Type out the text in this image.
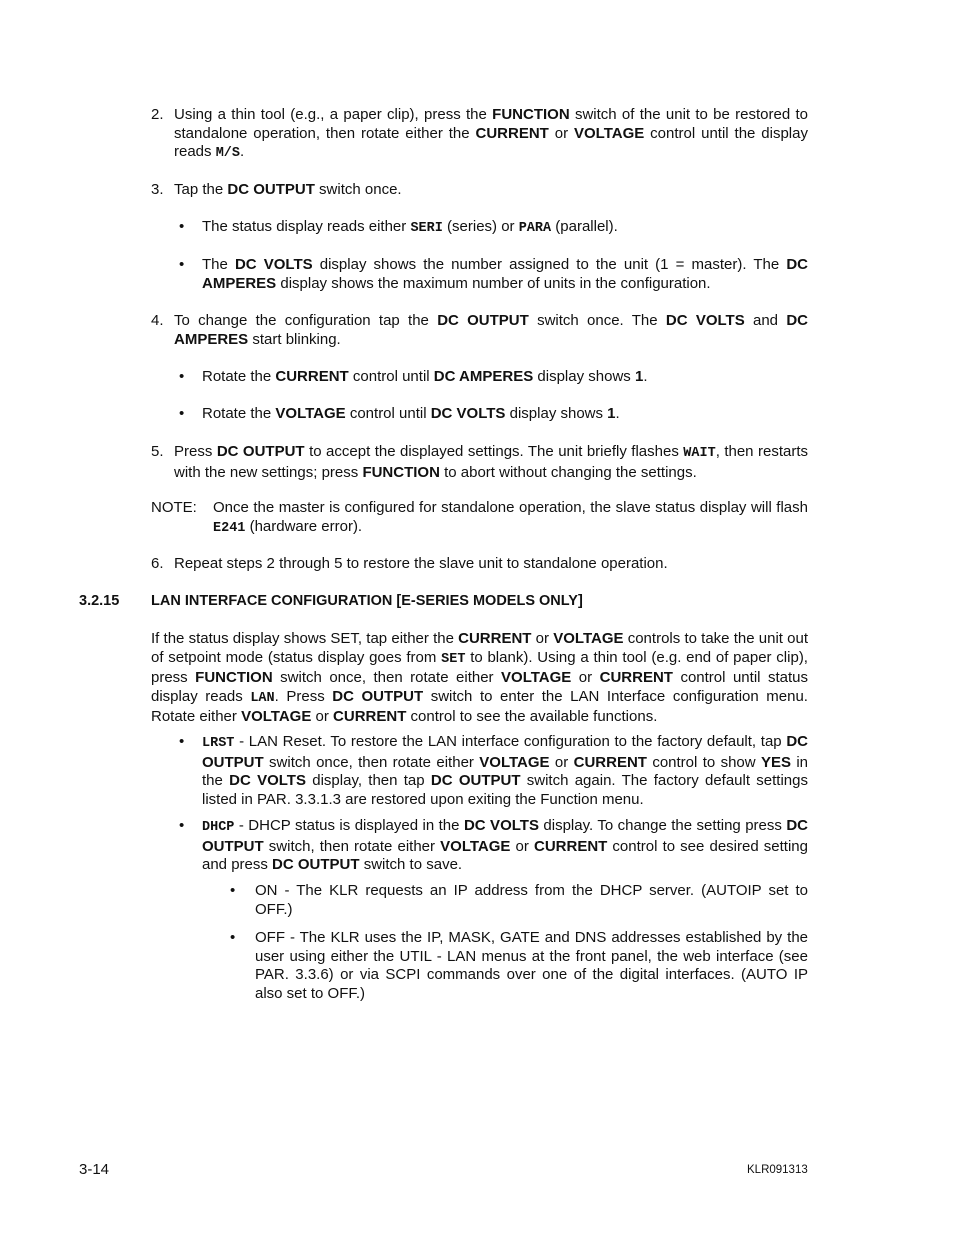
2. Using a thin tool (e.g., a paper clip), press the FUNCTION switch of the unit to be restored to standalone operation, then rotate either the CURRENT or VOLTAGE control until the display reads M/S.
3. Tap the DC OUTPUT switch once.
• The status display reads either SERI (series) or PARA (parallel).
• The DC VOLTS display shows the number assigned to the unit (1 = master). The DC AMPERES display shows the maximum number of units in the configuration.
4. To change the configuration tap the DC OUTPUT switch once. The DC VOLTS and DC AMPERES start blinking.
• Rotate the CURRENT control until DC AMPERES display shows 1.
• Rotate the VOLTAGE control until DC VOLTS display shows 1.
5. Press DC OUTPUT to accept the displayed settings. The unit briefly flashes WAIT, then restarts with the new settings; press FUNCTION to abort without changing the settings.
NOTE: Once the master is configured for standalone operation, the slave status display will flash E241 (hardware error).
6. Repeat steps 2 through 5 to restore the slave unit to standalone operation.
3.2.15 LAN INTERFACE CONFIGURATION [E-SERIES MODELS ONLY]
If the status display shows SET, tap either the CURRENT or VOLTAGE controls to take the unit out of setpoint mode (status display goes from SET to blank). Using a thin tool (e.g. end of paper clip), press FUNCTION switch once, then rotate either VOLTAGE or CURRENT control until status display reads LAN. Press DC OUTPUT switch to enter the LAN Interface configuration menu. Rotate either VOLTAGE or CURRENT control to see the available functions.
• LRST - LAN Reset. To restore the LAN interface configuration to the factory default, tap DC OUTPUT switch once, then rotate either VOLTAGE or CURRENT control to show YES in the DC VOLTS display, then tap DC OUTPUT switch again. The factory default settings listed in PAR. 3.3.1.3 are restored upon exiting the Function menu.
• DHCP - DHCP status is displayed in the DC VOLTS display. To change the setting press DC OUTPUT switch, then rotate either VOLTAGE or CURRENT control to see desired setting and press DC OUTPUT switch to save.
• ON - The KLR requests an IP address from the DHCP server. (AUTOIP set to OFF.)
• OFF - The KLR uses the IP, MASK, GATE and DNS addresses established by the user using either the UTIL - LAN menus at the front panel, the web interface (see PAR. 3.3.6) or via SCPI commands over one of the digital interfaces. (AUTO IP also set to OFF.)
3-14	KLR091313
